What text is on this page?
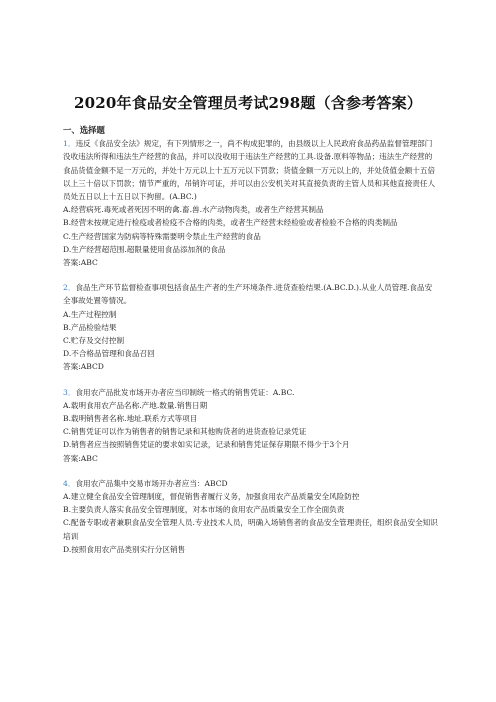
2020年食品安全管理员考试298题（含参考答案）
一、选择题

1．违反《食品安全法》规定，有下列情形之一，尚不构成犯罪的，由县级以上人民政府食品药品监督管理部门没收违法所得和违法生产经营的食品，并可以没收用于违法生产经营的工具.设备.原料等物品；违法生产经营的食品货值金额不足一万元的，并处十万元以上十五万元以下罚款；货值金额一万元以上的，并处货值金额十五倍以上三十倍以下罚款；情节严重的，吊销许可证，并可以由公安机关对其直接负责的主管人员和其他直接责任人员处五日以上十五日以下拘留。(A.BC.)

A.经营病死.毒死或者死因不明的禽.畜.兽.水产动物肉类，或者生产经营其制品

B.经营未按规定进行检疫或者检疫不合格的肉类，或者生产经营未经检验或者检验不合格的肉类制品

C.生产经营国家为防病等特殊需要明令禁止生产经营的食品

D.生产经营超范围.超限量使用食品添加剂的食品

答案:ABC

2．食品生产环节监督检查事项包括食品生产者的生产环境条件.进货查验结果.(A.BC.D.).从业人员管理.食品安全事故处置等情况。

A.生产过程控制

B.产品检验结果

C.贮存及交付控制

D.不合格品管理和食品召回

答案:ABCD

3．食用农产品批发市场开办者应当印制统一格式的销售凭证：A.BC.

A.载明食用农产品名称.产地.数量.销售日期

B.载明销售者名称.地址.联系方式等项目

C.销售凭证可以作为销售者的销售记录和其他购货者的进货查验记录凭证

D.销售者应当按照销售凭证的要求如实记录，记录和销售凭证保存期限不得少于3个月

答案:ABC

4．食用农产品集中交易市场开办者应当：ABCD

A.建立健全食品安全管理制度，督促销售者履行义务，加强食用农产品质量安全风险防控

B.主要负责人落实食品安全管理制度，对本市场的食用农产品质量安全工作全面负责

C.配备专职或者兼职食品安全管理人员.专业技术人员，明确入场销售者的食品安全管理责任，组织食品安全知识培训

D.按照食用农产品类别实行分区销售
